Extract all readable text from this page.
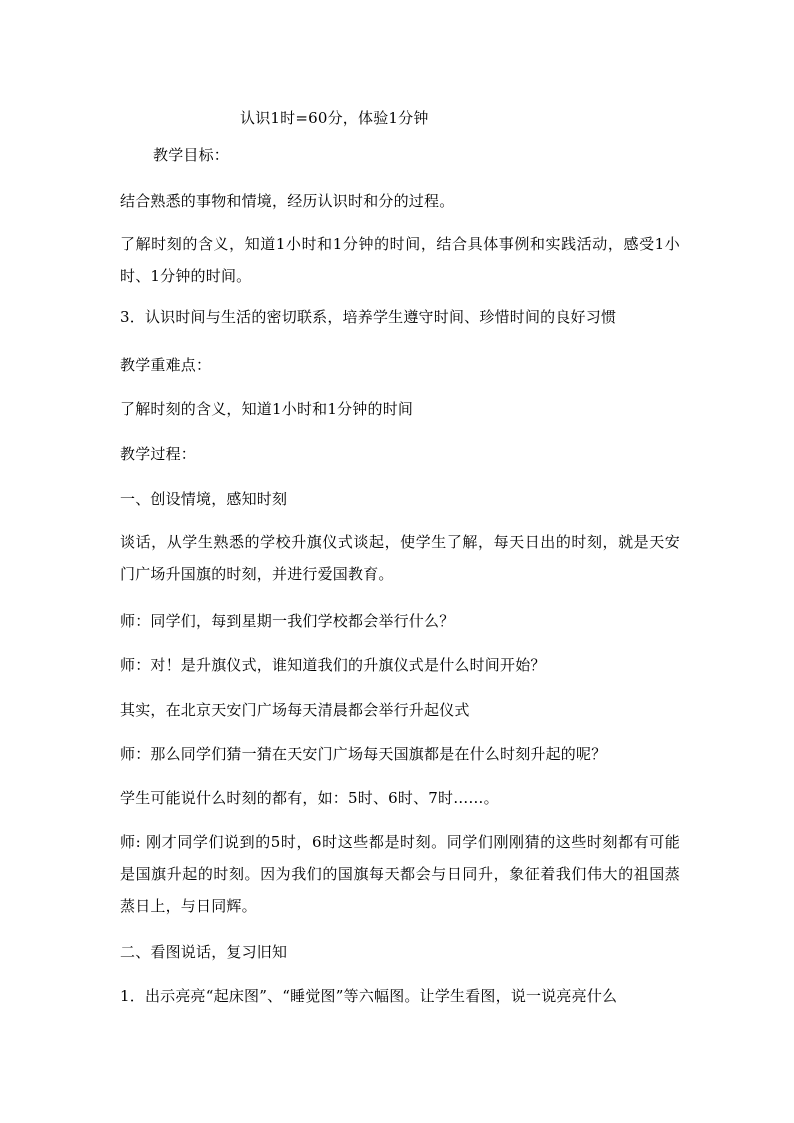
认识1时=60分，体验1分钟
教学目标：
结合熟悉的事物和情境，经历认识时和分的过程。
了解时刻的含义，知道1小时和1分钟的时间，结合具体事例和实践活动，感受1小时、1分钟的时间。
3．认识时间与生活的密切联系，培养学生遵守时间、珍惜时间的良好习惯
教学重难点：
了解时刻的含义，知道1小时和1分钟的时间
教学过程：
一、创设情境，感知时刻
谈话，从学生熟悉的学校升旗仪式谈起，使学生了解，每天日出的时刻，就是天安门广场升国旗的时刻，并进行爱国教育。
师：同学们，每到星期一我们学校都会举行什么？
师：对！是升旗仪式，谁知道我们的升旗仪式是什么时间开始？
其实，在北京天安门广场每天清晨都会举行升起仪式
师：那么同学们猜一猜在天安门广场每天国旗都是在什么时刻升起的呢？
学生可能说什么时刻的都有，如：5时、6时、7时……。
师: 刚才同学们说到的5时，6时这些都是时刻。同学们刚刚猜的这些时刻都有可能是国旗升起的时刻。因为我们的国旗每天都会与日同升，象征着我们伟大的祖国蒸蒸日上，与日同辉。
二、看图说话，复习旧知
1．出示亮亮“起床图”、“睡觉图”等六幅图。让学生看图，说一说亮亮什么
